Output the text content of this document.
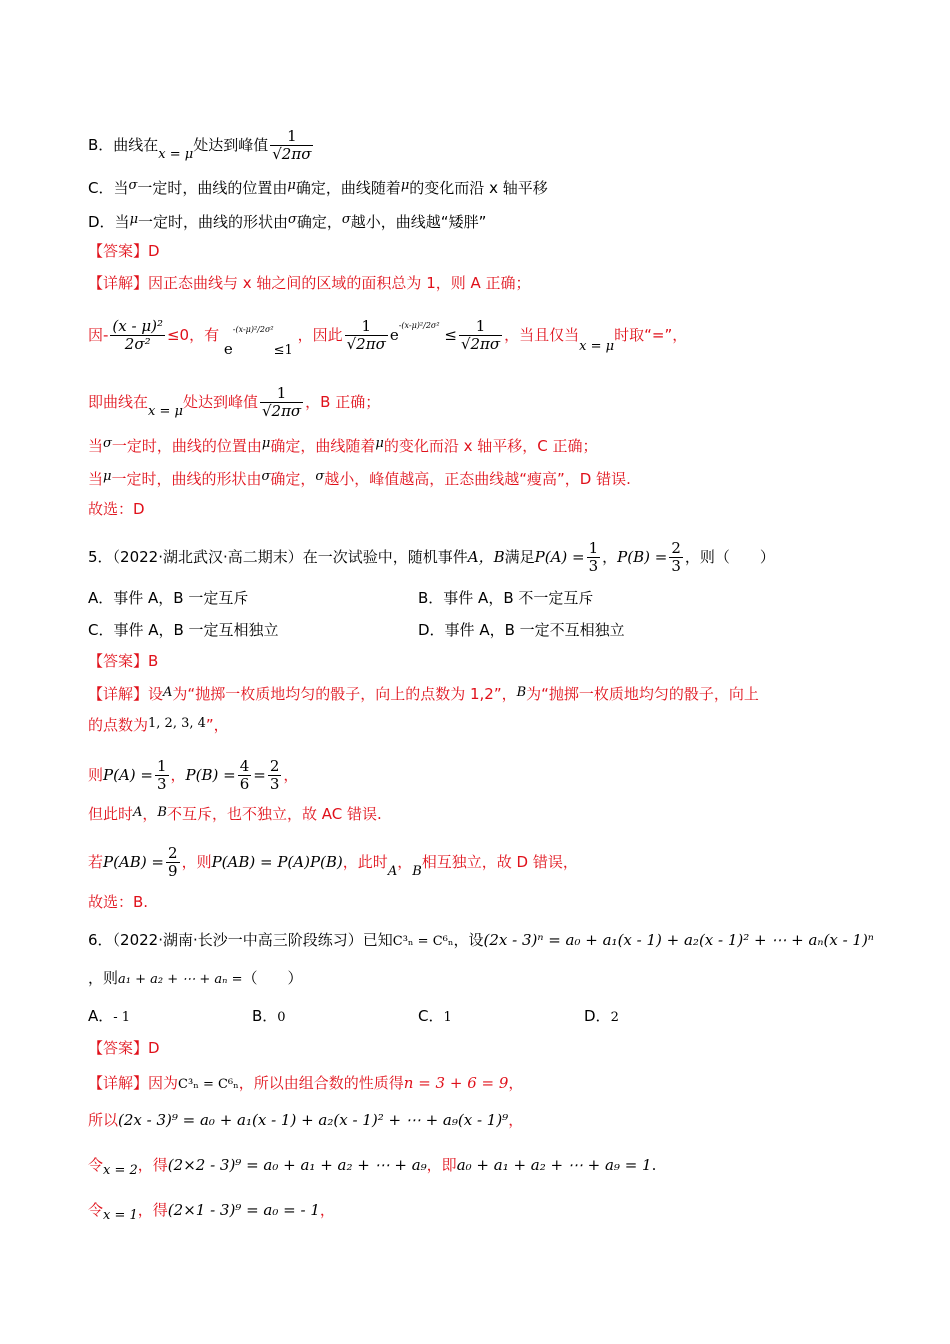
B．曲线在x = μ处达到峰值 $\frac{1}{√2\pi\sigma}$
C．当σ一定时，曲线的位置由μ确定，曲线随着μ的变化而沿 x 轴平移
D．当μ一定时，曲线的形状由σ确定，σ越小，曲线越“矮胖”
【答案】D
【详解】因正态曲线与 x 轴之间的区域的面积总为 1，则 A 正确；
因- $\frac{\text{(x - μ)²}}{\text{2σ²}} \le 0$，有 $e^{-(x-\mu)^2/2\sigma^2}\le 1$ ，因此 $\frac{1}{√2\pi\sigma} e^{-(x-\mu)^2/2\sigma^2} \le \frac{1}{√2\pi\sigma}$ ，当且仅当x = μ时取“=”，
即曲线在x = μ处达到峰值 $\frac{1}{√2\pi\sigma}$ ，B 正确；
当σ一定时，曲线的位置由μ确定，曲线随着μ的变化而沿 x 轴平移，C 正确；
当μ一定时，曲线的形状由σ确定，σ越小，峰值越高，正态曲线越“瘦高”，D 错误.
故选：D
5．（2022·湖北武汉·高二期末）在一次试验中，随机事件A，B满足$P(A) = \frac{1}{3}$ ，$P(B) = \frac{2}{3}$ ，则（　　）
A．事件 A，B 一定互斥	B．事件 A，B 不一定互斥
C．事件 A，B 一定互相独立	D．事件 A，B 一定不互相独立
【答案】B
【详解】设A为“抛掷一枚质地均匀的骰子，向上的点数为 1,2”，B为“抛掷一枚质地均匀的骰子，向上
的点数为1, 2, 3, 4”，
则$P(A) = \frac{1}{3}$ ，$P(B) = \frac{4}{6} = \frac{2}{3}$ ，
但此时A，B不互斥，也不独立，故 AC 错误.
若$P(AB) = \frac{2}{9}$ ，则P(AB) = P(A)P(B)，此时A，B相互独立，故 D 错误，
故选：B.
6．（2022·湖南·长沙一中高三阶段练习）已知C³ₙ = C⁶ₙ，设(2x - 3)ⁿ = a₀ + a₁(x - 1) + a₂(x - 1)² + ⋯ + aₙ(x - 1)ⁿ
，则a₁ + a₂ + ⋯ + aₙ =（　　）
A．- 1	B．0	C．1	D．2
【答案】D
【详解】因为C³ₙ = C⁶ₙ，所以由组合数的性质得n = 3 + 6 = 9，
所以(2x - 3)⁹ = a₀ + a₁(x - 1) + a₂(x - 1)² + ⋯ + a₉(x - 1)⁹，
令x = 2，得(2×2 - 3)⁹ = a₀ + a₁ + a₂ + ⋯ + a₉，即a₀ + a₁ + a₂ + ⋯ + a₉ = 1.
令x = 1，得(2×1 - 3)⁹ = a₀ = - 1，
